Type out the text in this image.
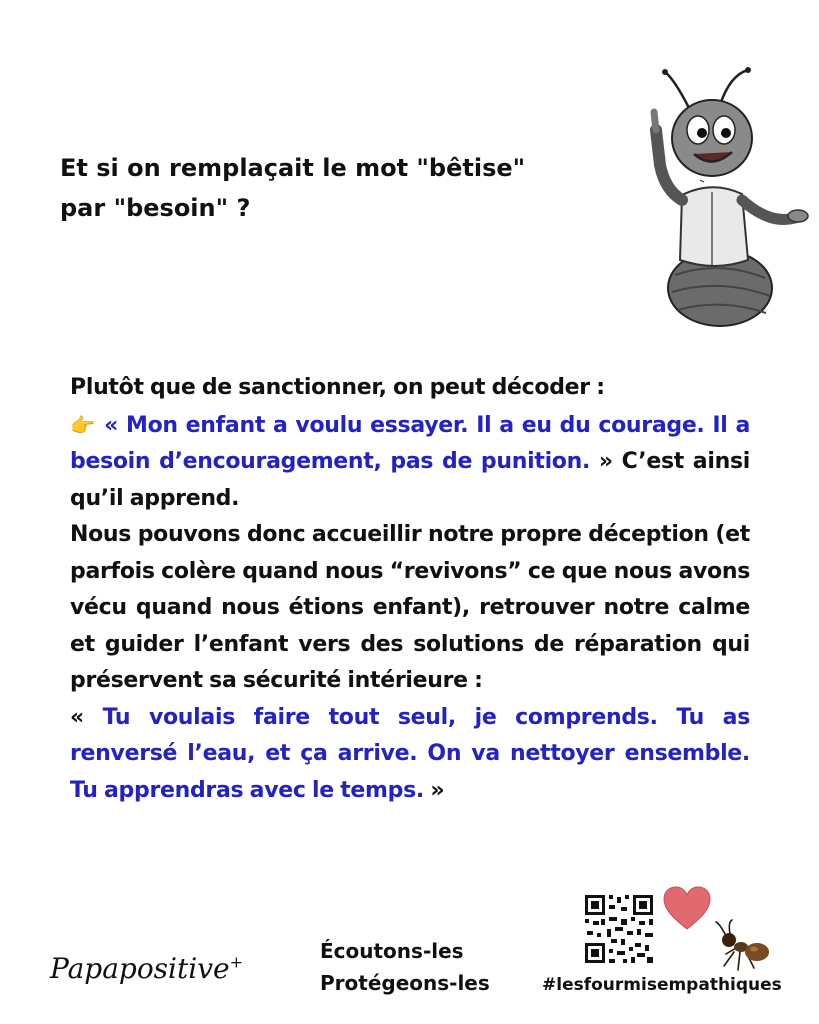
Et si on remplaçait le mot "bêtise"
par "besoin" ?

Plutôt que de sanctionner, on peut décoder :

👉 « Mon enfant a voulu essayer. Il a eu du courage. Il a besoin d’encouragement, pas de punition. » C’est ainsi qu’il apprend.

Nous pouvons donc accueillir notre propre déception (et parfois colère quand nous “revivons” ce que nous avons vécu quand nous étions enfant), retrouver notre calme et guider l’enfant vers des solutions de réparation qui préservent sa sécurité intérieure :

« Tu voulais faire tout seul, je comprends. Tu as renversé l’eau, et ça arrive. On va nettoyer ensemble. Tu apprendras avec le temps. »

Papapositive+	Écoutons-les
Protégeons-les	#lesfourmisempathiques
